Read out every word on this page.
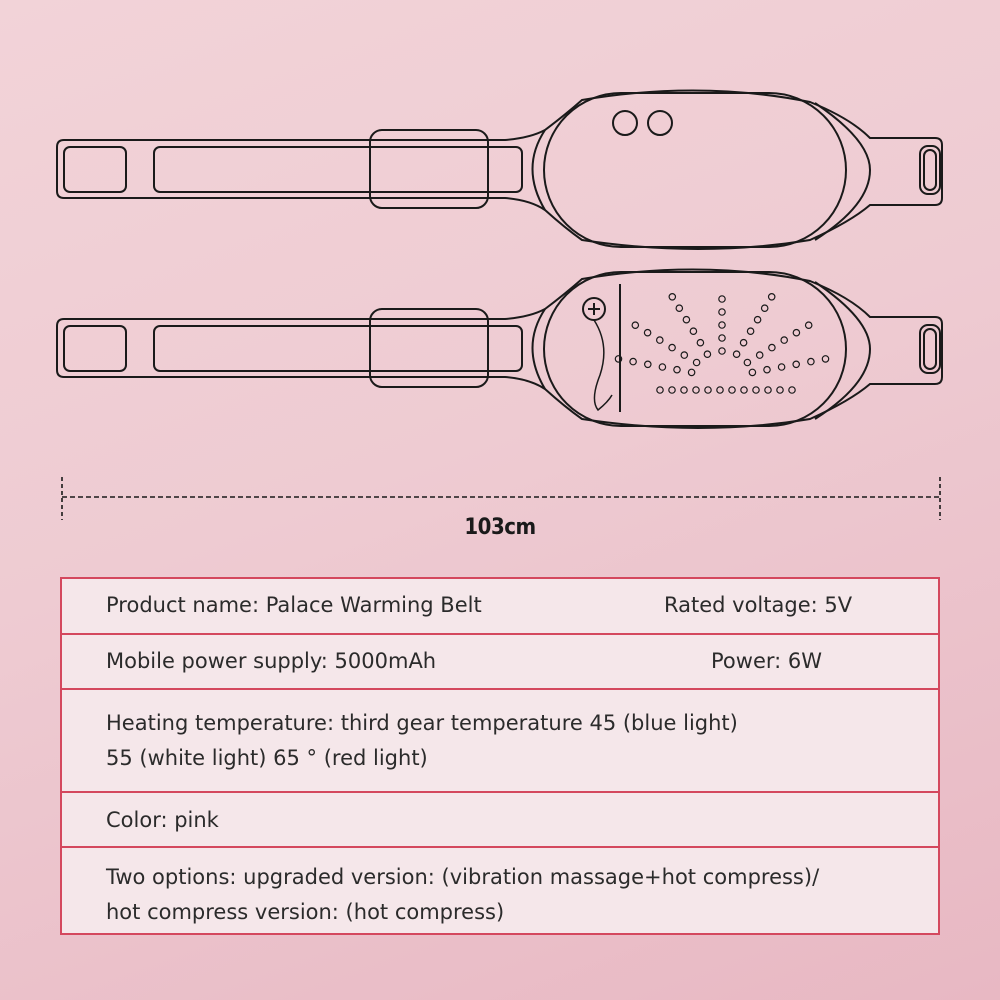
103cm
Product name: Palace Warming Belt	Rated voltage: 5V
Mobile power supply: 5000mAh	Power: 6W
Heating temperature: third gear temperature 45 (blue light)
55 (white light) 65 ° (red light)
Color: pink
Two options: upgraded version: (vibration massage+hot compress)/
hot compress version: (hot compress)
